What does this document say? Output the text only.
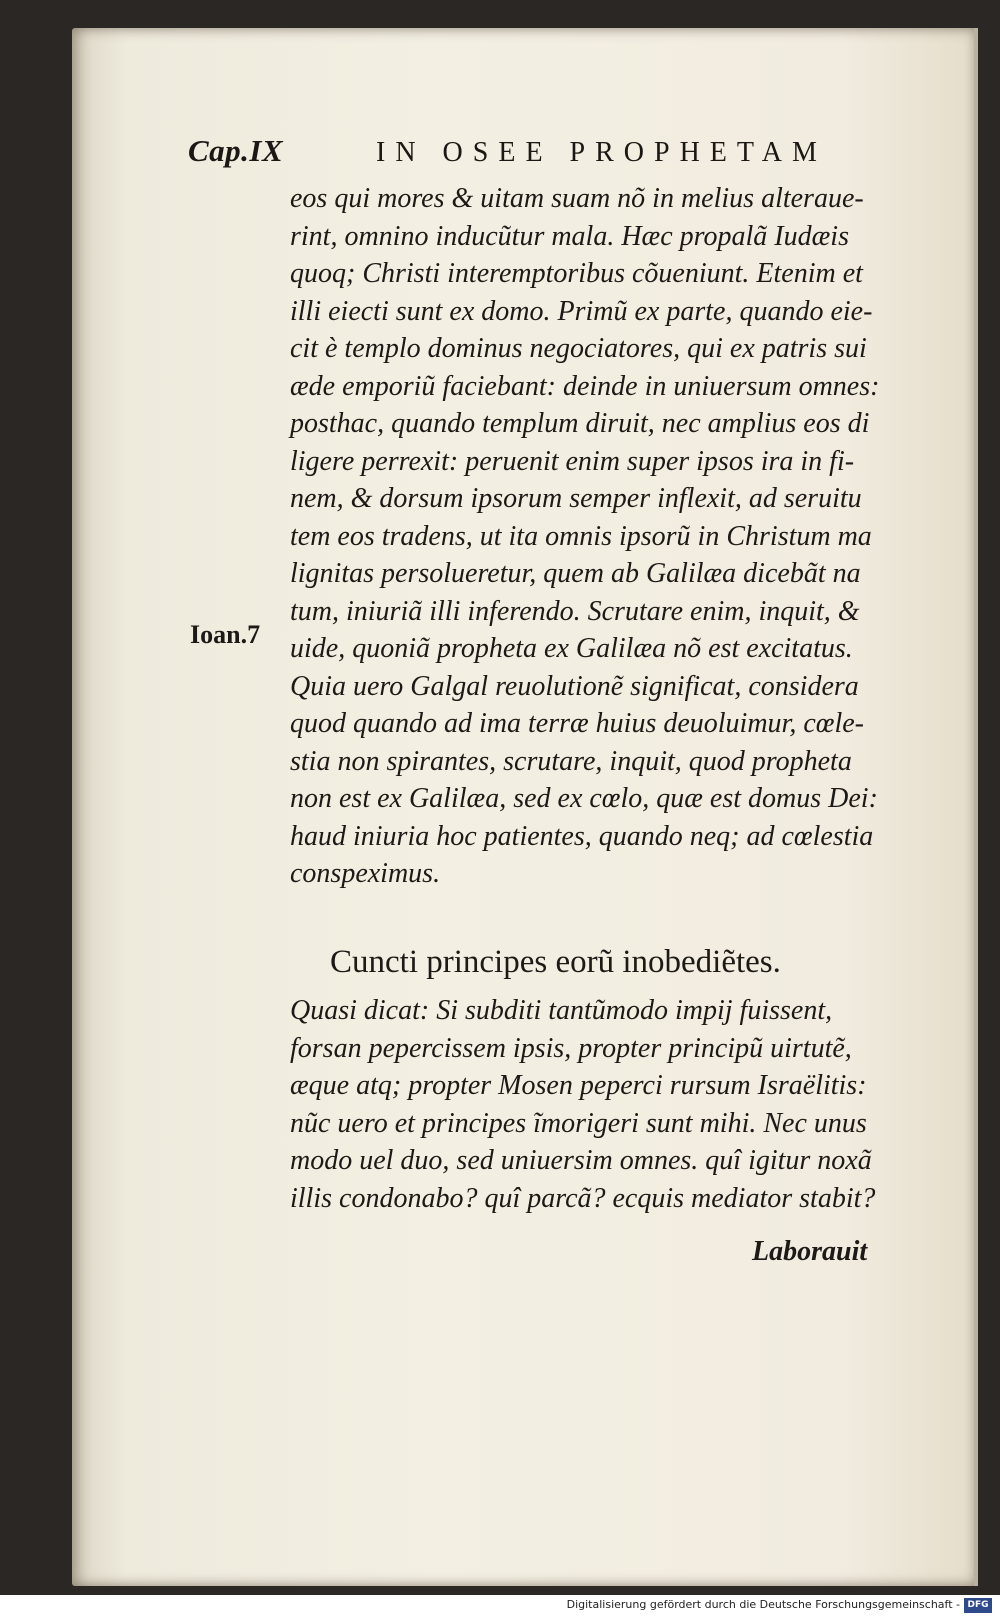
Cap.IX	IN OSEE PROPHETAM
eos qui mores & uitam suam nõ in melius alteraue-
rint, omnino inducũtur mala. Hæc propalã Iudæis
quoq; Christi interemptoribus cõueniunt. Etenim et
illi eiecti sunt ex domo. Primũ ex parte, quando eie-
cit è templo dominus negociatores, qui ex patris sui
æde emporiũ faciebant: deinde in uniuersum omnes:
posthac, quando templum diruit, nec amplius eos di
ligere perrexit: peruenit enim super ipsos ira in fi-
nem, & dorsum ipsorum semper inflexit, ad seruitu
tem eos tradens, ut ita omnis ipsorũ in Christum ma
lignitas persolueretur, quem ab Galilæa dicebãt na
tum, iniuriã illi inferendo. Scrutare enim, inquit, &
uide, quoniã propheta ex Galilæa nõ est excitatus.
Quia uero Galgal reuolutionẽ significat, considera
quod quando ad ima terræ huius deuoluimur, cœle-
stia non spirantes, scrutare, inquit, quod propheta
non est ex Galilæa, sed ex cœlo, quæ est domus Dei:
haud iniuria hoc patientes, quando neq; ad cœlestia
conspeximus.
Ioan.7
Cuncti principes eorũ inobediẽtes.
Quasi dicat: Si subditi tantũmodo impij fuissent,
forsan pepercissem ipsis, propter principũ uirtutẽ,
æque atq; propter Mosen peperci rursum Israëlitis:
nũc uero et principes ĩmorigeri sunt mihi. Nec unus
modo uel duo, sed uniuersim omnes. quî igitur noxã
illis condonabo? quî parcã? ecquis mediator stabit?
Laborauit
Digitalisierung gefördert durch die Deutsche Forschungsgemeinschaft - DFG
